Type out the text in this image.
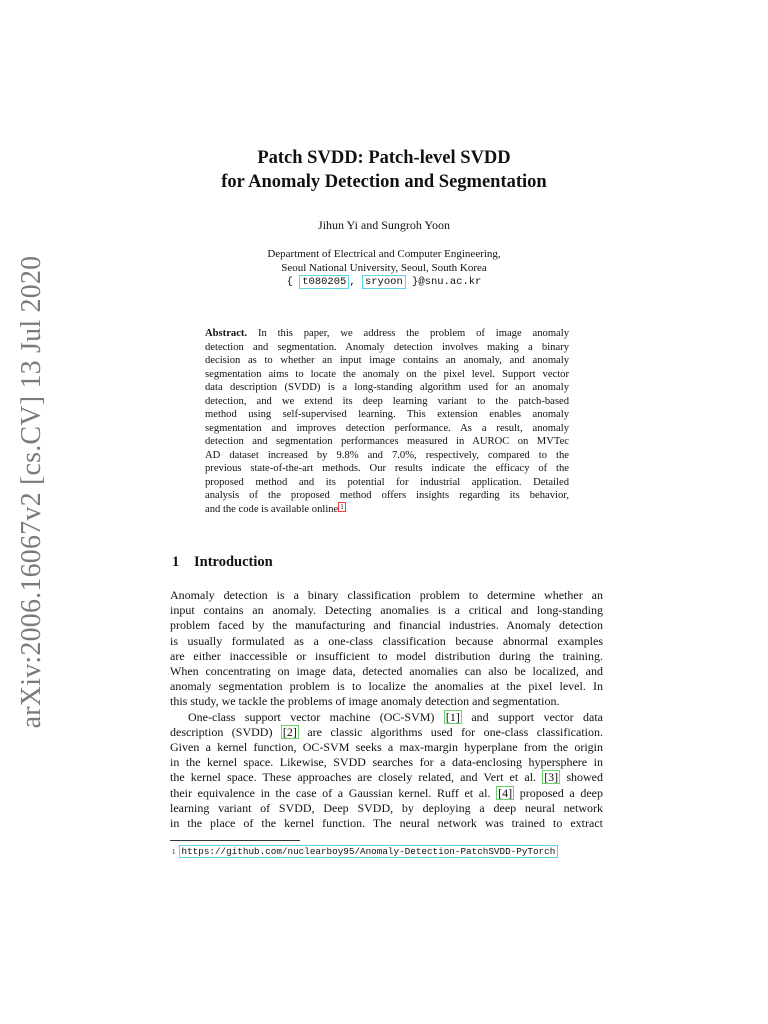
arXiv:2006.16067v2 [cs.CV] 13 Jul 2020
Patch SVDD: Patch-level SVDD
for Anomaly Detection and Segmentation
Jihun Yi and Sungroh Yoon
Department of Electrical and Computer Engineering,
Seoul National University, Seoul, South Korea
{ t080205 , sryoon }@snu.ac.kr
Abstract. In this paper, we address the problem of image anomaly
detection and segmentation. Anomaly detection involves making a binary
decision as to whether an input image contains an anomaly, and anomaly
segmentation aims to locate the anomaly on the pixel level. Support vector
data description (SVDD) is a long-standing algorithm used for an anomaly
detection, and we extend its deep learning variant to the patch-based
method using self-supervised learning. This extension enables anomaly
segmentation and improves detection performance. As a result, anomaly
detection and segmentation performances measured in AUROC on MVTec
AD dataset increased by 9.8% and 7.0%, respectively, compared to the
previous state-of-the-art methods. Our results indicate the efficacy of the
proposed method and its potential for industrial application. Detailed
analysis of the proposed method offers insights regarding its behavior,
and the code is available online 1
1 Introduction
Anomaly detection is a binary classification problem to determine whether an
input contains an anomaly. Detecting anomalies is a critical and long-standing
problem faced by the manufacturing and financial industries. Anomaly detection
is usually formulated as a one-class classification because abnormal examples
are either inaccessible or insufficient to model distribution during the training.
When concentrating on image data, detected anomalies can also be localized, and
anomaly segmentation problem is to localize the anomalies at the pixel level. In
this study, we tackle the problems of image anomaly detection and segmentation.
One-class support vector machine (OC-SVM) [1] and support vector data
description (SVDD) [2] are classic algorithms used for one-class classification.
Given a kernel function, OC-SVM seeks a max-margin hyperplane from the origin
in the kernel space. Likewise, SVDD searches for a data-enclosing hypersphere in
the kernel space. These approaches are closely related, and Vert et al. [3] showed
their equivalence in the case of a Gaussian kernel. Ruff et al. [4] proposed a deep
learning variant of SVDD, Deep SVDD, by deploying a deep neural network
in the place of the kernel function. The neural network was trained to extract
$^1$ https://github.com/nuclearboy95/Anomaly-Detection-PatchSVDD-PyTorch
